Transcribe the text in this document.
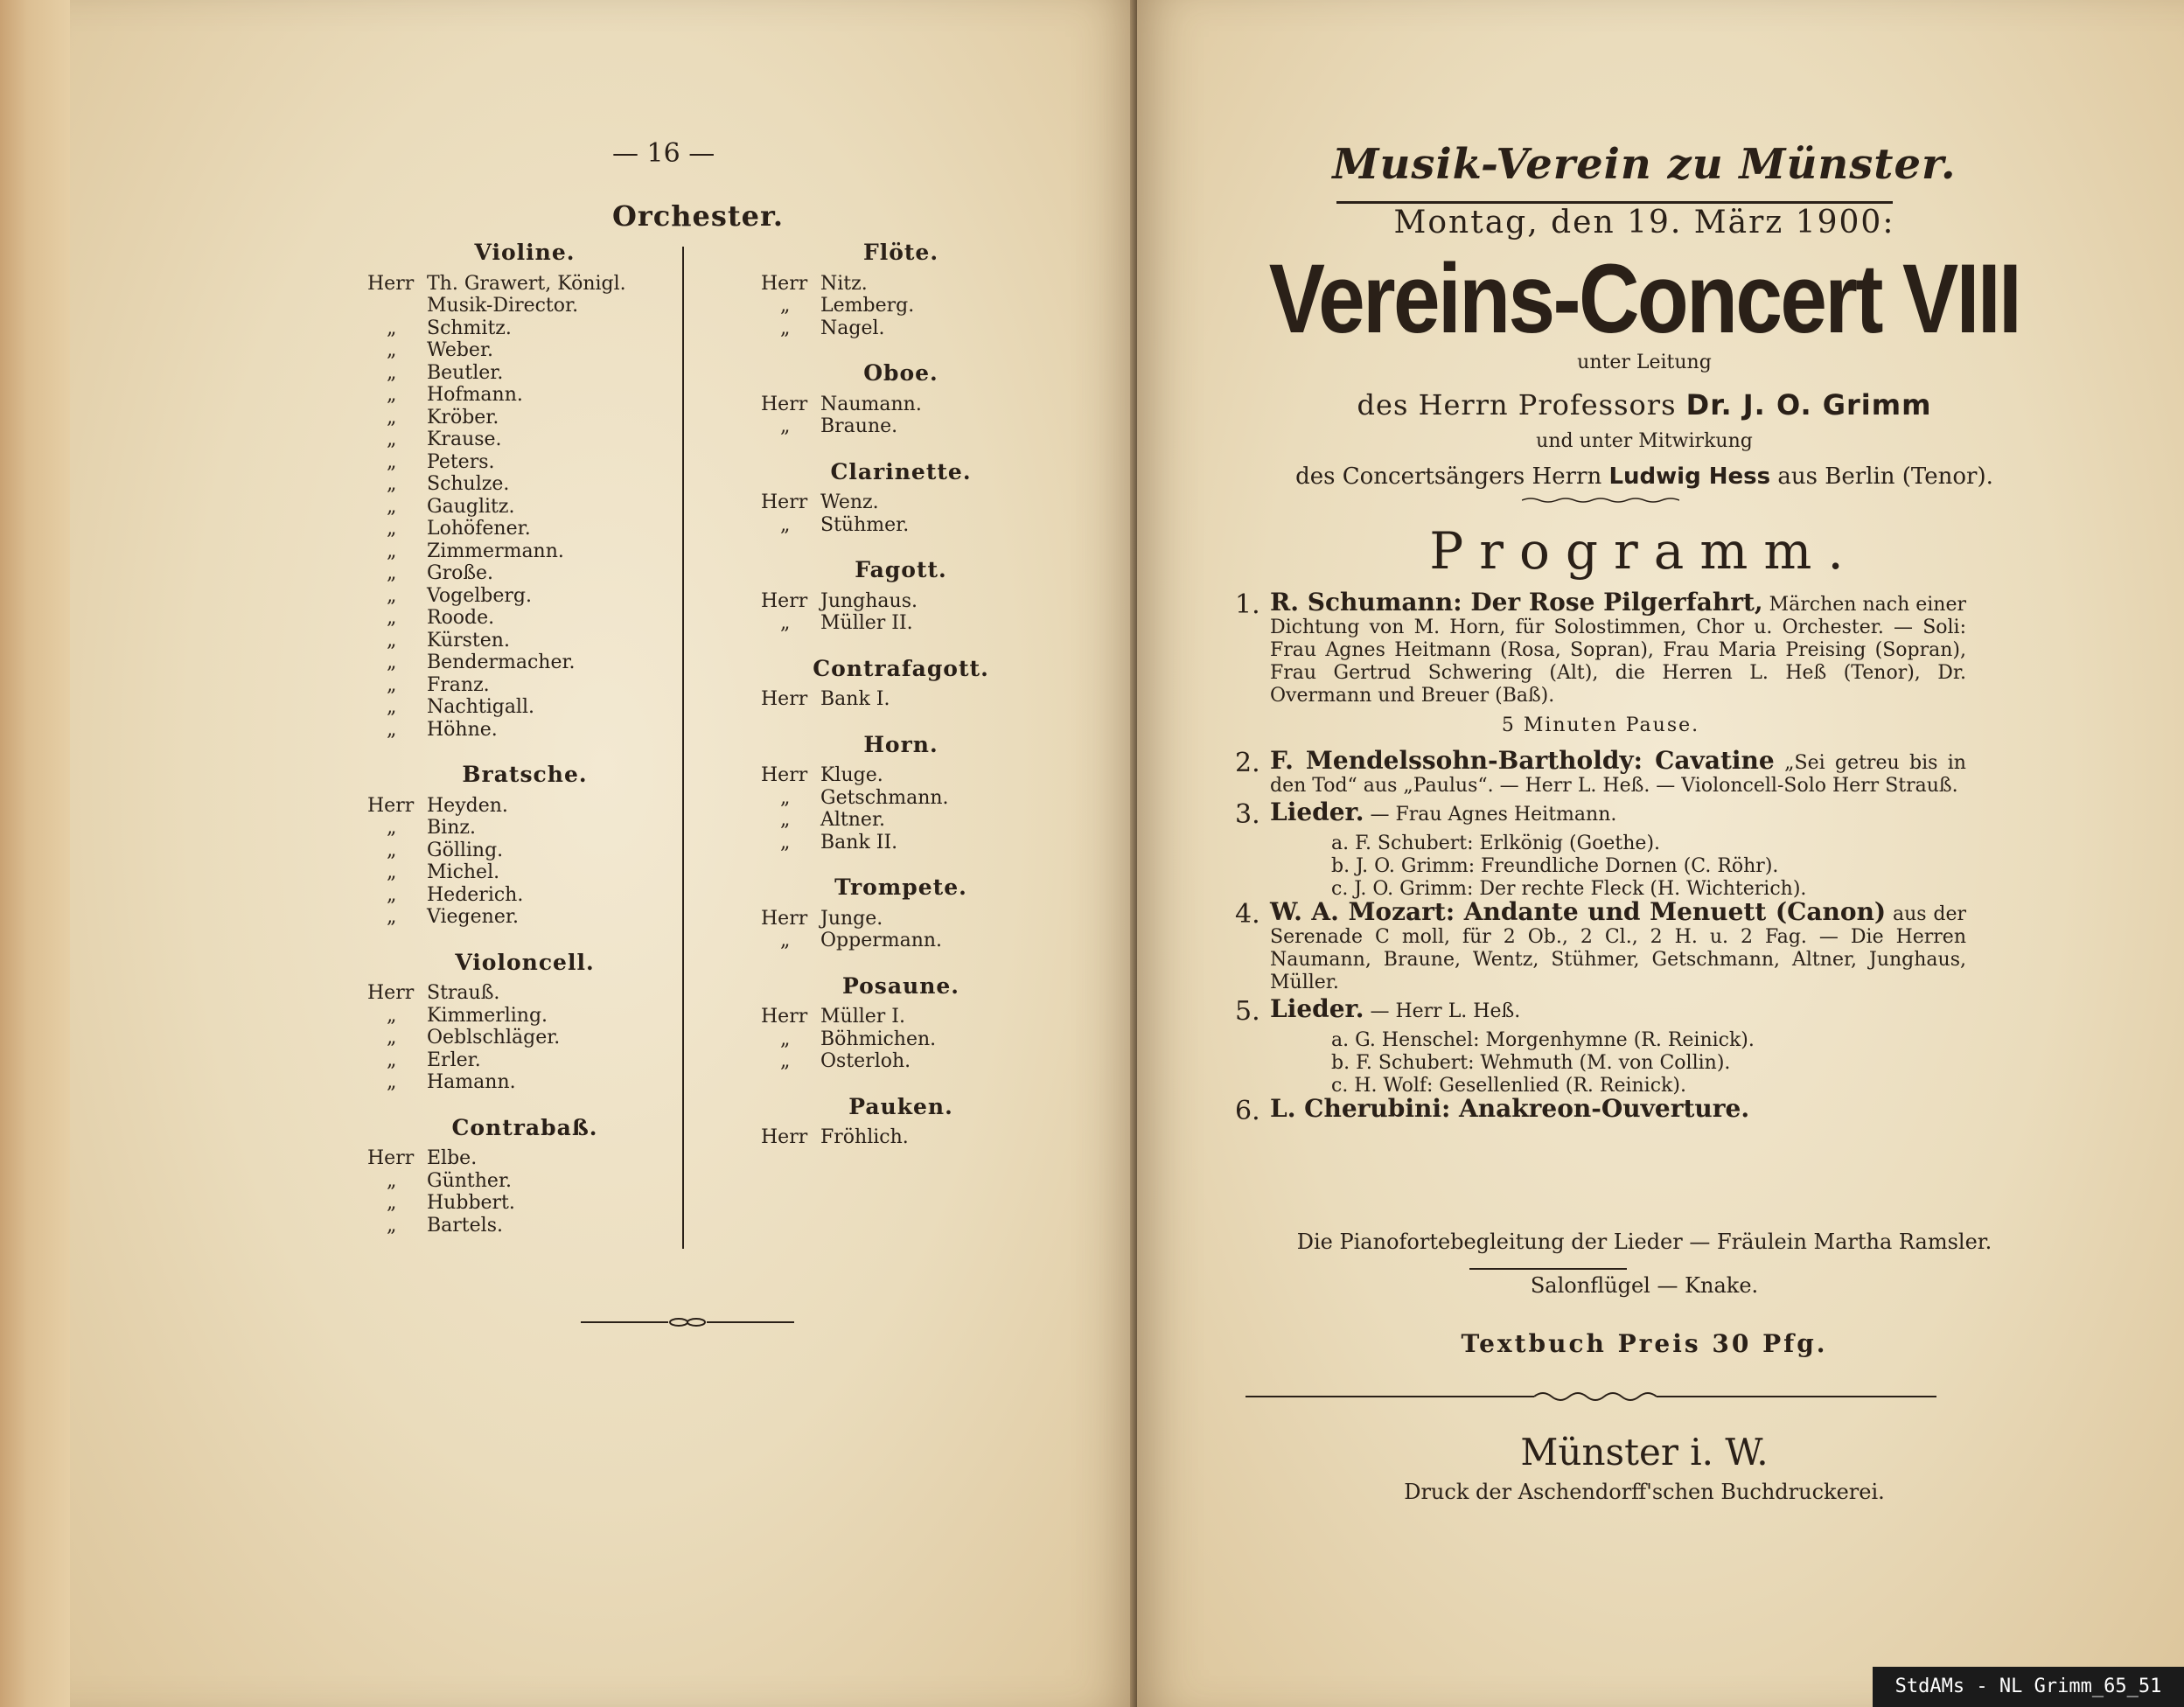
— 16 —
Orchester.
Violine.
Herr Th. Grawert, Königl.
Musik-Director.
„	Schmitz.
„	Weber.
„	Beutler.
„	Hofmann.
„	Kröber.
„	Krause.
„	Peters.
„	Schulze.
„	Gauglitz.
„	Lohöfener.
„	Zimmermann.
„	Große.
„	Vogelberg.
„	Roode.
„	Kürsten.
„	Bendermacher.
„	Franz.
„	Nachtigall.
„	Höhne.
Bratsche.
Herr Heyden.
„	Binz.
„	Gölling.
„	Michel.
„	Hederich.
„	Viegener.
Violoncell.
Herr Strauß.
„	Kimmerling.
„	Oeblschläger.
„	Erler.
„	Hamann.
Contrabaß.
Herr Elbe.
„	Günther.
„	Hubbert.
„	Bartels.
Flöte.
Herr Nitz.
„	Lemberg.
„	Nagel.
Oboe.
Herr Naumann.
„	Braune.
Clarinette.
Herr Wenz.
„	Stühmer.
Fagott.
Herr Junghaus.
„	Müller II.
Contrafagott.
Herr Bank I.
Horn.
Herr Kluge.
„	Getschmann.
„	Altner.
„	Bank II.
Trompete.
Herr Junge.
„	Oppermann.
Posaune.
Herr Müller I.
„	Böhmichen.
„	Osterloh.
Pauken.
Herr Fröhlich.
Musik-Verein zu Münster.
Montag, den 19. März 1900:
Vereins-Concert VIII
unter Leitung
des Herrn Professors Dr. J. O. Grimm
und unter Mitwirkung
des Concertsängers Herrn Ludwig Hess aus Berlin (Tenor).
Programm.
1. R. Schumann: Der Rose Pilgerfahrt, Märchen nach einer Dichtung von M. Horn, für Solostimmen, Chor u. Orchester. — Soli: Frau Agnes Heitmann (Rosa, Sopran), Frau Maria Preising (Sopran), Frau Gertrud Schwering (Alt), die Herren L. Heß (Tenor), Dr. Overmann und Breuer (Baß).
5 Minuten Pause.
2. F. Mendelssohn-Bartholdy: Cavatine „Sei getreu bis in den Tod“ aus „Paulus“. — Herr L. Heß. — Violoncell-Solo Herr Strauß.
3. Lieder. — Frau Agnes Heitmann.
a. F. Schubert: Erlkönig (Goethe).
b. J. O. Grimm: Freundliche Dornen (C. Röhr).
c. J. O. Grimm: Der rechte Fleck (H. Wichterich).
4. W. A. Mozart: Andante und Menuett (Canon) aus der Serenade C moll, für 2 Ob., 2 Cl., 2 H. u. 2 Fag. — Die Herren Naumann, Braune, Wentz, Stühmer, Getschmann, Altner, Junghaus, Müller.
5. Lieder. — Herr L. Heß.
a. G. Henschel: Morgenhymne (R. Reinick).
b. F. Schubert: Wehmuth (M. von Collin).
c. H. Wolf: Gesellenlied (R. Reinick).
6. L. Cherubini: Anakreon-Ouverture.
Die Pianofortebegleitung der Lieder — Fräulein Martha Ramsler.
Salonflügel — Knake.
Textbuch Preis 30 Pfg.
Münster i. W.
Druck der Aschendorff'schen Buchdruckerei.
StdAMs - NL Grimm_65_51
